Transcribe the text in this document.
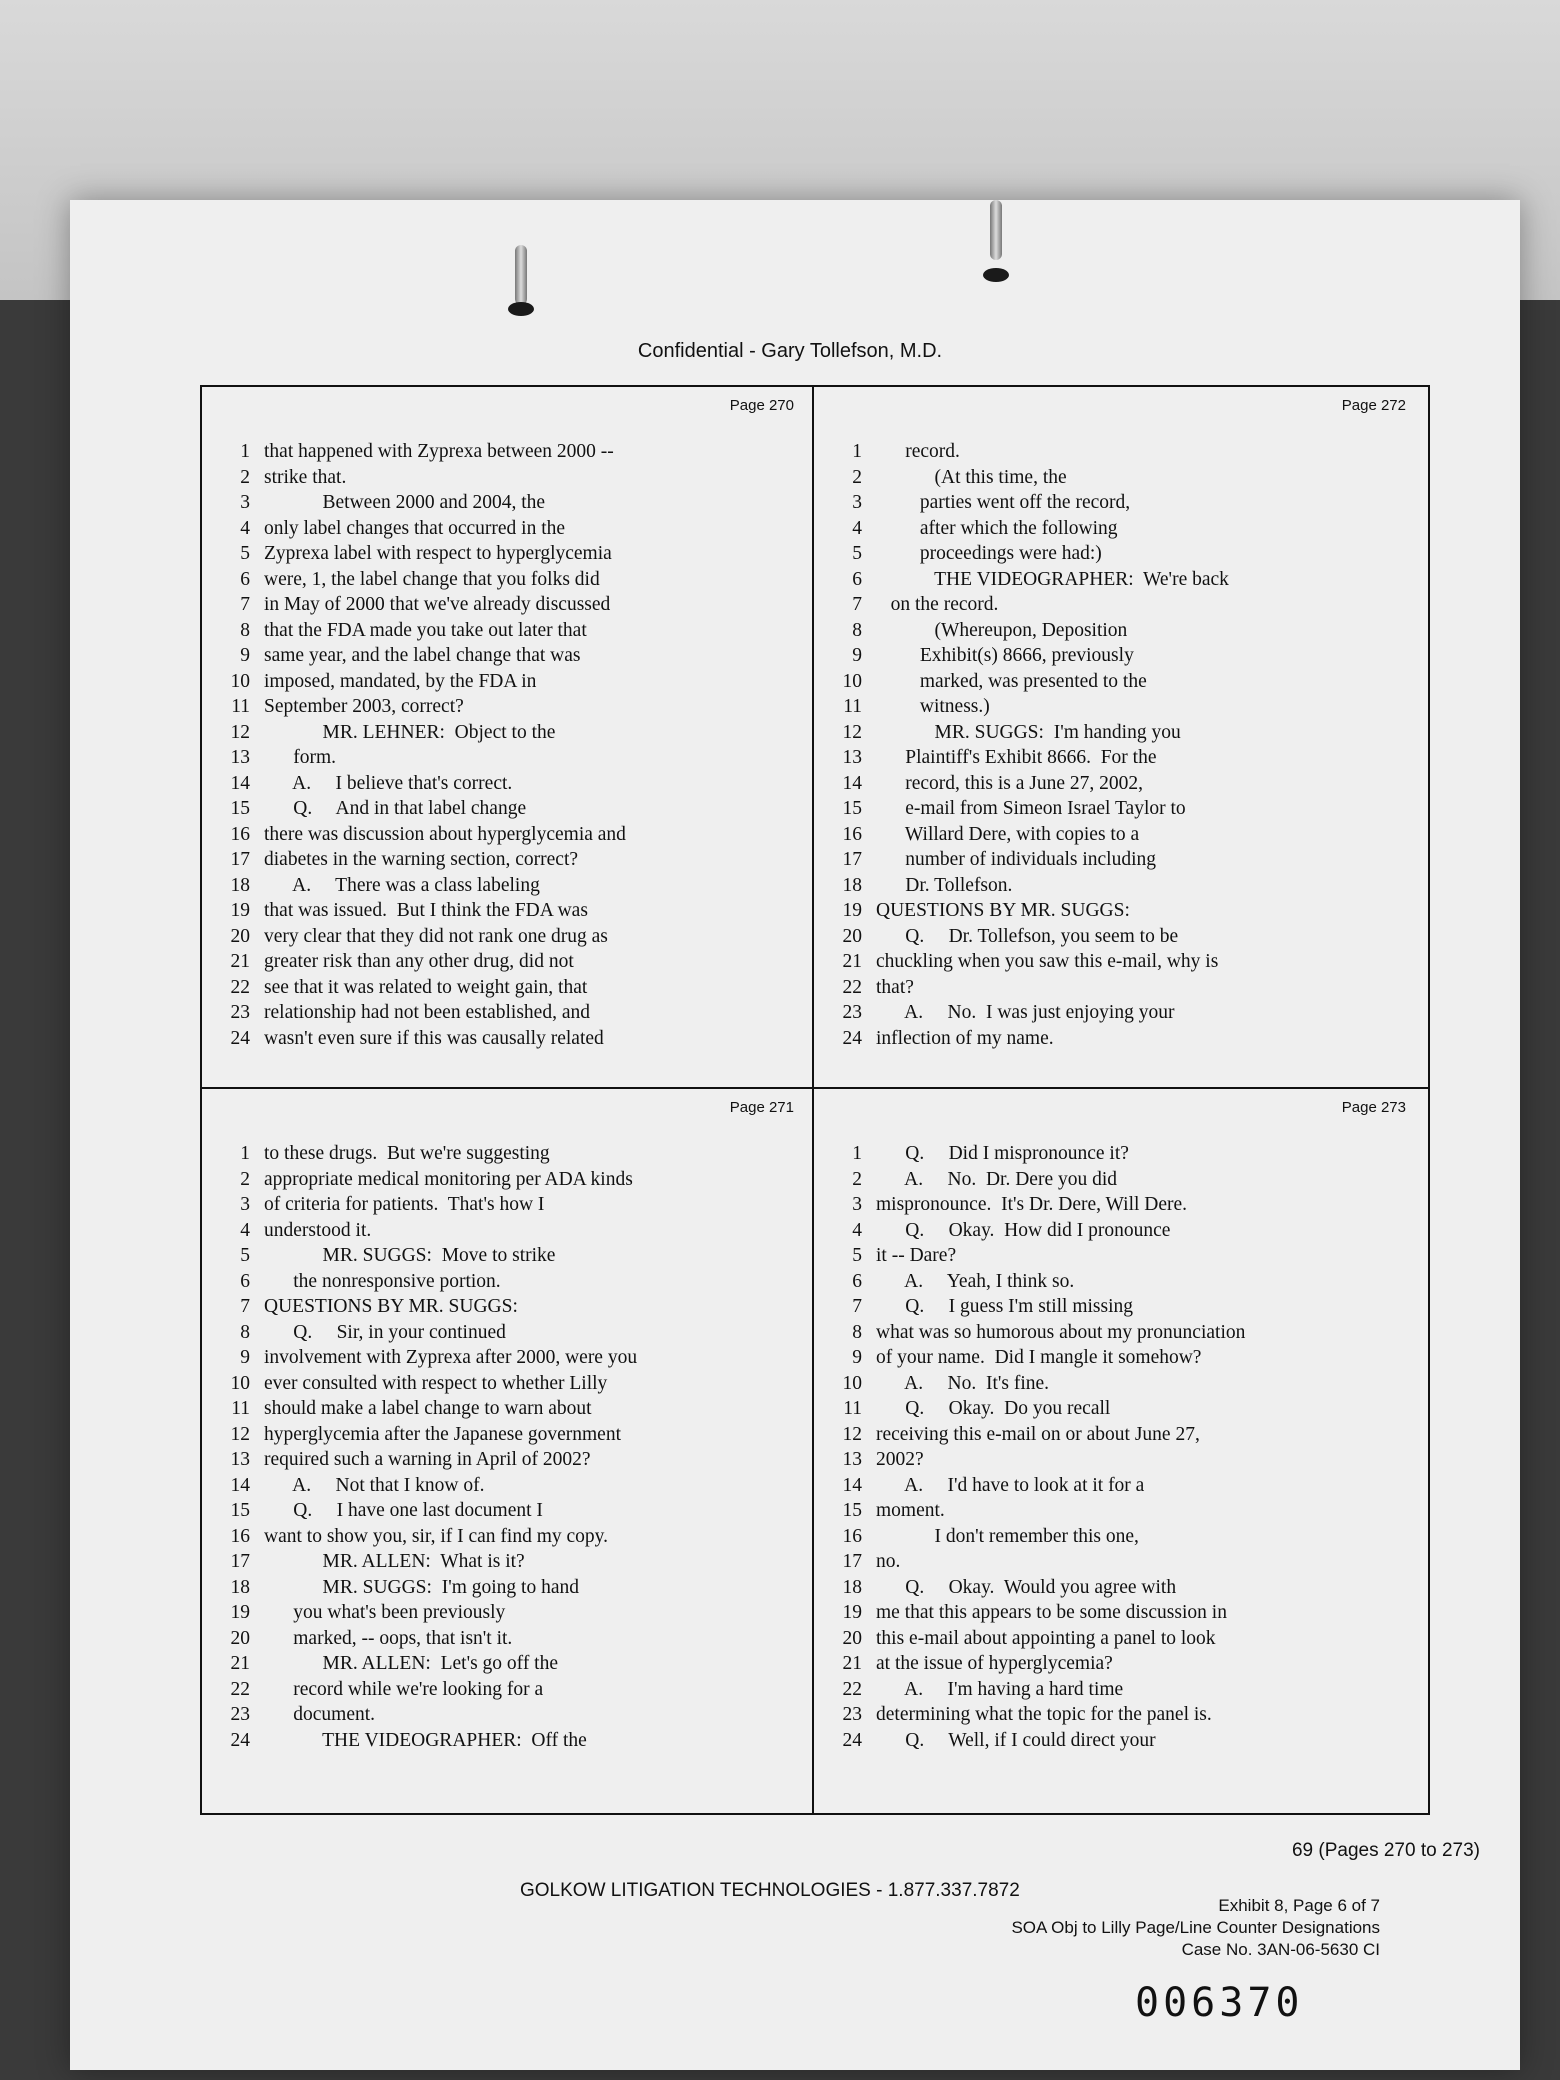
Confidential - Gary Tollefson, M.D.
Page 270
1 that happened with Zyprexa between 2000 --
2 strike that.
3 Between 2000 and 2004, the
4 only label changes that occurred in the
5 Zyprexa label with respect to hyperglycemia
6 were, 1, the label change that you folks did
7 in May of 2000 that we've already discussed
8 that the FDA made you take out later that
9 same year, and the label change that was
10 imposed, mandated, by the FDA in
11 September 2003, correct?
12 MR. LEHNER:  Object to the
13 form.
14 A.     I believe that's correct.
15 Q.     And in that label change
16 there was discussion about hyperglycemia and
17 diabetes in the warning section, correct?
18 A.     There was a class labeling
19 that was issued.  But I think the FDA was
20 very clear that they did not rank one drug as
21 greater risk than any other drug, did not
22 see that it was related to weight gain, that
23 relationship had not been established, and
24 wasn't even sure if this was causally related
Page 272
1 record.
2 (At this time, the
3 parties went off the record,
4 after which the following
5 proceedings were had:)
6 THE VIDEOGRAPHER:  We're back
7 on the record.
8 (Whereupon, Deposition
9 Exhibit(s) 8666, previously
10 marked, was presented to the
11 witness.)
12 MR. SUGGS:  I'm handing you
13 Plaintiff's Exhibit 8666.  For the
14 record, this is a June 27, 2002,
15 e-mail from Simeon Israel Taylor to
16 Willard Dere, with copies to a
17 number of individuals including
18 Dr. Tollefson.
19 QUESTIONS BY MR. SUGGS:
20 Q.     Dr. Tollefson, you seem to be
21 chuckling when you saw this e-mail, why is
22 that?
23 A.     No.  I was just enjoying your
24 inflection of my name.
Page 271
1 to these drugs.  But we're suggesting
2 appropriate medical monitoring per ADA kinds
3 of criteria for patients.  That's how I
4 understood it.
5 MR. SUGGS:  Move to strike
6 the nonresponsive portion.
7 QUESTIONS BY MR. SUGGS:
8 Q.     Sir, in your continued
9 involvement with Zyprexa after 2000, were you
10 ever consulted with respect to whether Lilly
11 should make a label change to warn about
12 hyperglycemia after the Japanese government
13 required such a warning in April of 2002?
14 A.     Not that I know of.
15 Q.     I have one last document I
16 want to show you, sir, if I can find my copy.
17 MR. ALLEN:  What is it?
18 MR. SUGGS:  I'm going to hand
19 you what's been previously
20 marked, -- oops, that isn't it.
21 MR. ALLEN:  Let's go off the
22 record while we're looking for a
23 document.
24 THE VIDEOGRAPHER:  Off the
Page 273
1 Q.     Did I mispronounce it?
2 A.     No.  Dr. Dere you did
3 mispronounce.  It's Dr. Dere, Will Dere.
4 Q.     Okay.  How did I pronounce
5 it -- Dare?
6 A.     Yeah, I think so.
7 Q.     I guess I'm still missing
8 what was so humorous about my pronunciation
9 of your name.  Did I mangle it somehow?
10 A.     No.  It's fine.
11 Q.     Okay.  Do you recall
12 receiving this e-mail on or about June 27,
13 2002?
14 A.     I'd have to look at it for a
15 moment.
16 I don't remember this one,
17 no.
18 Q.     Okay.  Would you agree with
19 me that this appears to be some discussion in
20 this e-mail about appointing a panel to look
21 at the issue of hyperglycemia?
22 A.     I'm having a hard time
23 determining what the topic for the panel is.
24 Q.     Well, if I could direct your
69 (Pages 270 to 273)
GOLKOW LITIGATION TECHNOLOGIES - 1.877.337.7872
Exhibit 8, Page 6 of 7
SOA Obj to Lilly Page/Line Counter Designations
Case No. 3AN-06-5630 CI
006370
